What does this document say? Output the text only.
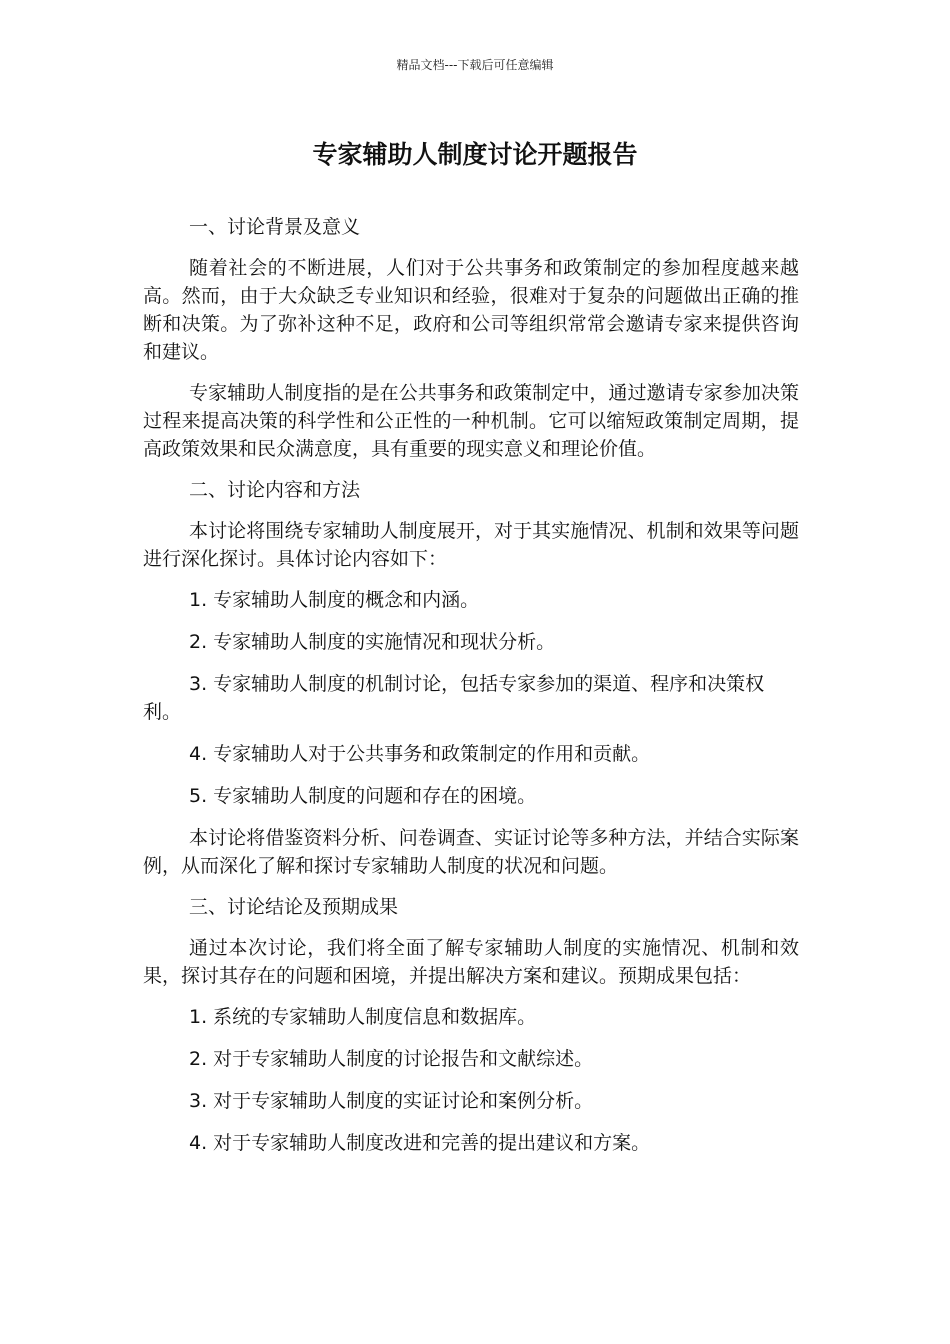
精品文档---下载后可任意编辑
专家辅助人制度讨论开题报告

一、讨论背景及意义

随着社会的不断进展，人们对于公共事务和政策制定的参加程度越来越高。然而，由于大众缺乏专业知识和经验，很难对于复杂的问题做出正确的推断和决策。为了弥补这种不足，政府和公司等组织常常会邀请专家来提供咨询和建议。

专家辅助人制度指的是在公共事务和政策制定中，通过邀请专家参加决策过程来提高决策的科学性和公正性的一种机制。它可以缩短政策制定周期，提高政策效果和民众满意度，具有重要的现实意义和理论价值。

二、讨论内容和方法

本讨论将围绕专家辅助人制度展开，对于其实施情况、机制和效果等问题进行深化探讨。具体讨论内容如下：

1. 专家辅助人制度的概念和内涵。

2. 专家辅助人制度的实施情况和现状分析。

3. 专家辅助人制度的机制讨论，包括专家参加的渠道、程序和决策权利。

4. 专家辅助人对于公共事务和政策制定的作用和贡献。

5. 专家辅助人制度的问题和存在的困境。

本讨论将借鉴资料分析、问卷调查、实证讨论等多种方法，并结合实际案例，从而深化了解和探讨专家辅助人制度的状况和问题。

三、讨论结论及预期成果

通过本次讨论，我们将全面了解专家辅助人制度的实施情况、机制和效果，探讨其存在的问题和困境，并提出解决方案和建议。预期成果包括：

1. 系统的专家辅助人制度信息和数据库。

2. 对于专家辅助人制度的讨论报告和文献综述。

3. 对于专家辅助人制度的实证讨论和案例分析。

4. 对于专家辅助人制度改进和完善的提出建议和方案。
